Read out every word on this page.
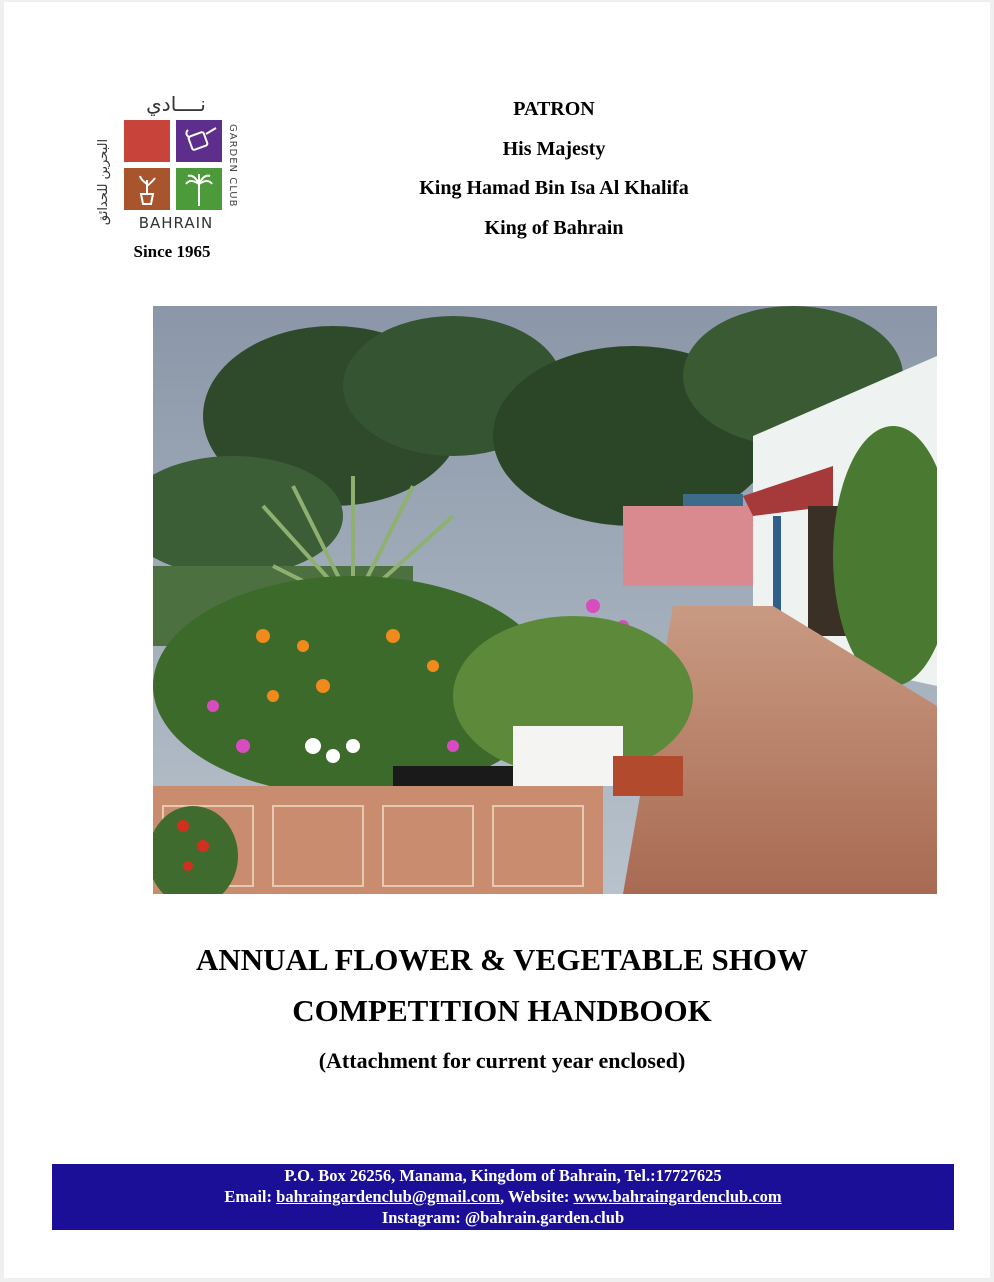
نــــادي
البحرين للحدائق	GARDEN CLUB
BAHRAIN
Since 1965
PATRON
His Majesty
King Hamad Bin Isa Al Khalifa
King of Bahrain
ANNUAL FLOWER & VEGETABLE SHOW
COMPETITION HANDBOOK
(Attachment for current year enclosed)
P.O. Box 26256, Manama, Kingdom of Bahrain, Tel.:17727625
Email: bahraingardenclub@gmail.com, Website: www.bahraingardenclub.com
Instagram: @bahrain.garden.club
